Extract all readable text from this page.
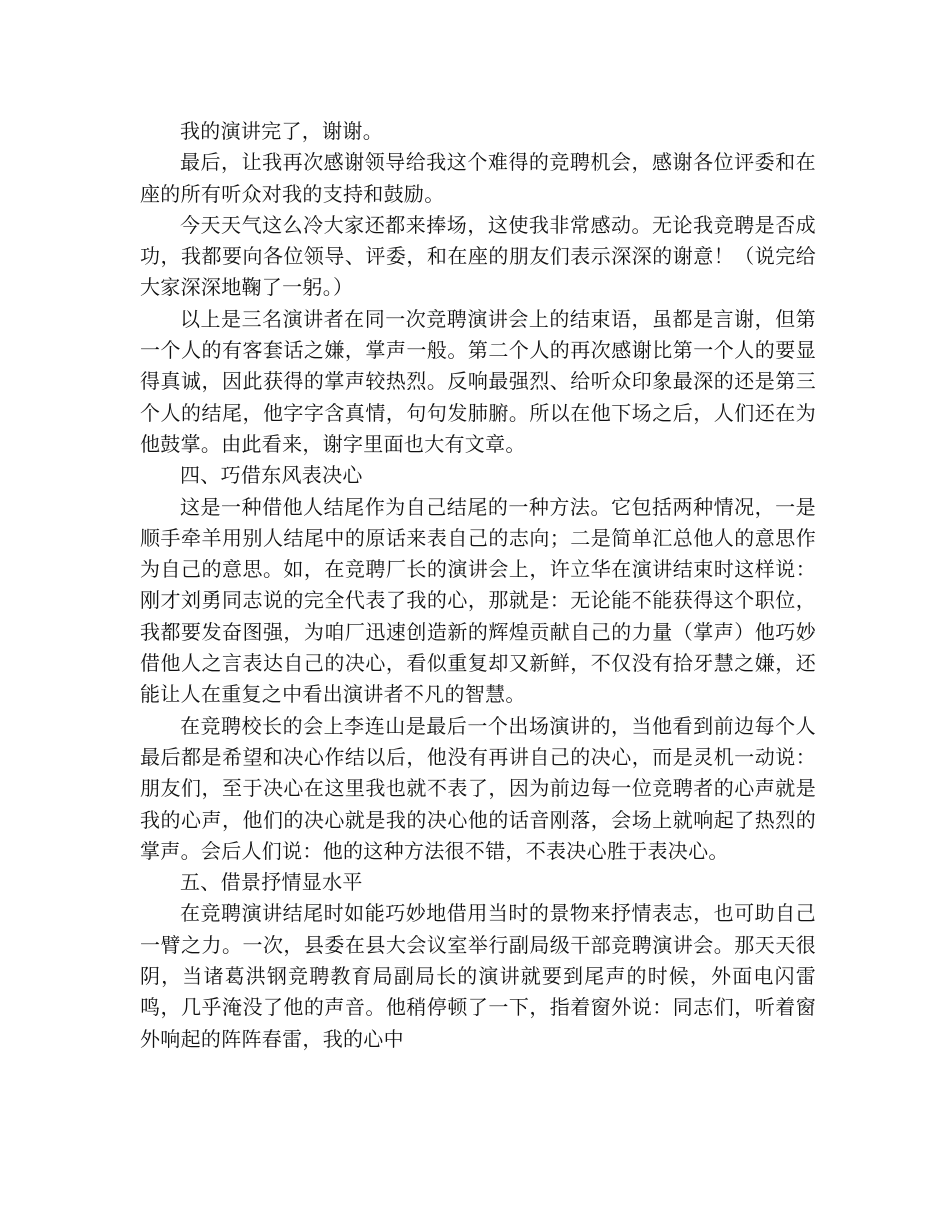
我的演讲完了，谢谢。

最后，让我再次感谢领导给我这个难得的竞聘机会，感谢各位评委和在座的所有听众对我的支持和鼓励。

今天天气这么冷大家还都来捧场，这使我非常感动。无论我竞聘是否成功，我都要向各位领导、评委，和在座的朋友们表示深深的谢意！（说完给大家深深地鞠了一躬。）

以上是三名演讲者在同一次竞聘演讲会上的结束语，虽都是言谢，但第一个人的有客套话之嫌，掌声一般。第二个人的再次感谢比第一个人的要显得真诚，因此获得的掌声较热烈。反响最强烈、给听众印象最深的还是第三个人的结尾，他字字含真情，句句发肺腑。所以在他下场之后，人们还在为他鼓掌。由此看来，谢字里面也大有文章。

四、巧借东风表决心

这是一种借他人结尾作为自己结尾的一种方法。它包括两种情况，一是顺手牵羊用别人结尾中的原话来表自己的志向；二是简单汇总他人的意思作为自己的意思。如，在竞聘厂长的演讲会上，许立华在演讲结束时这样说：刚才刘勇同志说的完全代表了我的心，那就是：无论能不能获得这个职位，我都要发奋图强，为咱厂迅速创造新的辉煌贡献自己的力量（掌声）他巧妙借他人之言表达自己的决心，看似重复却又新鲜，不仅没有拾牙慧之嫌，还能让人在重复之中看出演讲者不凡的智慧。

在竞聘校长的会上李连山是最后一个出场演讲的，当他看到前边每个人最后都是希望和决心作结以后，他没有再讲自己的决心，而是灵机一动说：朋友们，至于决心在这里我也就不表了，因为前边每一位竞聘者的心声就是我的心声，他们的决心就是我的决心他的话音刚落，会场上就响起了热烈的掌声。会后人们说：他的这种方法很不错，不表决心胜于表决心。

五、借景抒情显水平

在竞聘演讲结尾时如能巧妙地借用当时的景物来抒情表志，也可助自己一臂之力。一次，县委在县大会议室举行副局级干部竞聘演讲会。那天天很阴，当诸葛洪钢竞聘教育局副局长的演讲就要到尾声的时候，外面电闪雷鸣，几乎淹没了他的声音。他稍停顿了一下，指着窗外说：同志们，听着窗外响起的阵阵春雷，我的心中
